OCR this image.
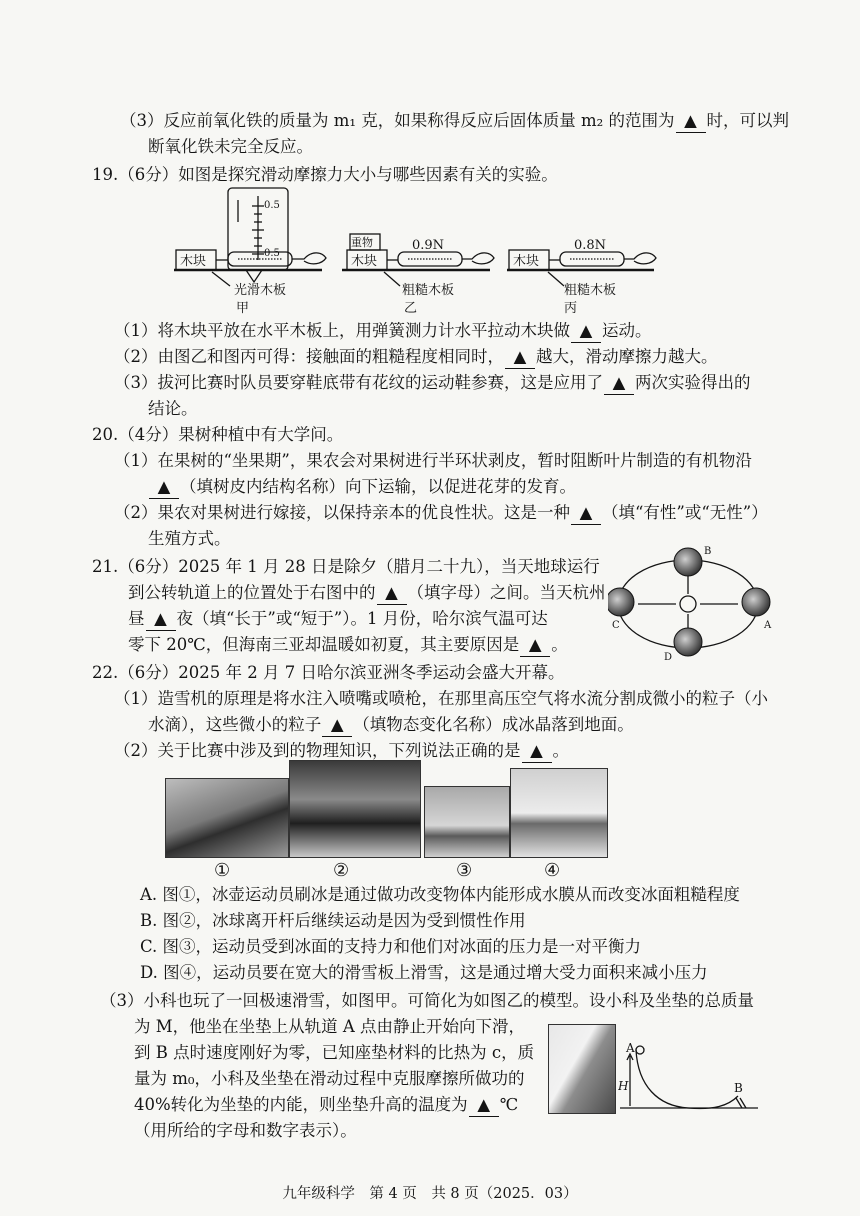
（3）反应前氧化铁的质量为 m₁ 克，如果称得反应后固体质量 m₂ 的范围为 ▲ 时，可以判
断氧化铁未完全反应。
19.（6分）如图是探究滑动摩擦力大小与哪些因素有关的实验。
木块	木块
重物
木块
0.9N	0.8N
光滑木板	粗糙木板	粗糙木板
甲	乙	丙
0.5
0.5
（1）将木块平放在水平木板上，用弹簧测力计水平拉动木块做 ▲ 运动。
（2）由图乙和图丙可得：接触面的粗糙程度相同时， ▲ 越大，滑动摩擦力越大。
（3）拔河比赛时队员要穿鞋底带有花纹的运动鞋参赛，这是应用了 ▲ 两次实验得出的
结论。
20.（4分）果树种植中有大学问。
（1）在果树的“坐果期”，果农会对果树进行半环状剥皮，暂时阻断叶片制造的有机物沿
▲ （填树皮内结构名称）向下运输，以促进花芽的发育。
（2）果农对果树进行嫁接，以保持亲本的优良性状。这是一种 ▲ （填“有性”或“无性”）
生殖方式。
21.（6分）2025 年 1 月 28 日是除夕（腊月二十九），当天地球运行
到公转轨道上的位置处于右图中的 ▲ （填字母）之间。当天杭州
昼 ▲ 夜（填“长于”或“短于”）。1 月份，哈尔滨气温可达
零下 20℃，但海南三亚却温暖如初夏，其主要原因是 ▲ 。
B
C	A
D
22.（6分）2025 年 2 月 7 日哈尔滨亚洲冬季运动会盛大开幕。
（1）造雪机的原理是将水注入喷嘴或喷枪，在那里高压空气将水流分割成微小的粒子（小
水滴），这些微小的粒子 ▲ （填物态变化名称）成冰晶落到地面。
（2）关于比赛中涉及到的物理知识，下列说法正确的是 ▲ 。
①	②	③	④
A. 图①，冰壶运动员刷冰是通过做功改变物体内能形成水膜从而改变冰面粗糙程度
B. 图②，冰球离开杆后继续运动是因为受到惯性作用
C. 图③，运动员受到冰面的支持力和他们对冰面的压力是一对平衡力
D. 图④，运动员要在宽大的滑雪板上滑雪，这是通过增大受力面积来减小压力
（3）小科也玩了一回极速滑雪，如图甲。可简化为如图乙的模型。设小科及坐垫的总质量
为 M，他坐在坐垫上从轨道 A 点由静止开始向下滑，
到 B 点时速度刚好为零，已知座垫材料的比热为 c，质
量为 m₀，小科及坐垫在滑动过程中克服摩擦所做功的
40%转化为坐垫的内能，则坐垫升高的温度为 ▲ ℃
（用所给的字母和数字表示）。
A
H	B
九年级科学　第 4 页　共 8 页（2025．03）
